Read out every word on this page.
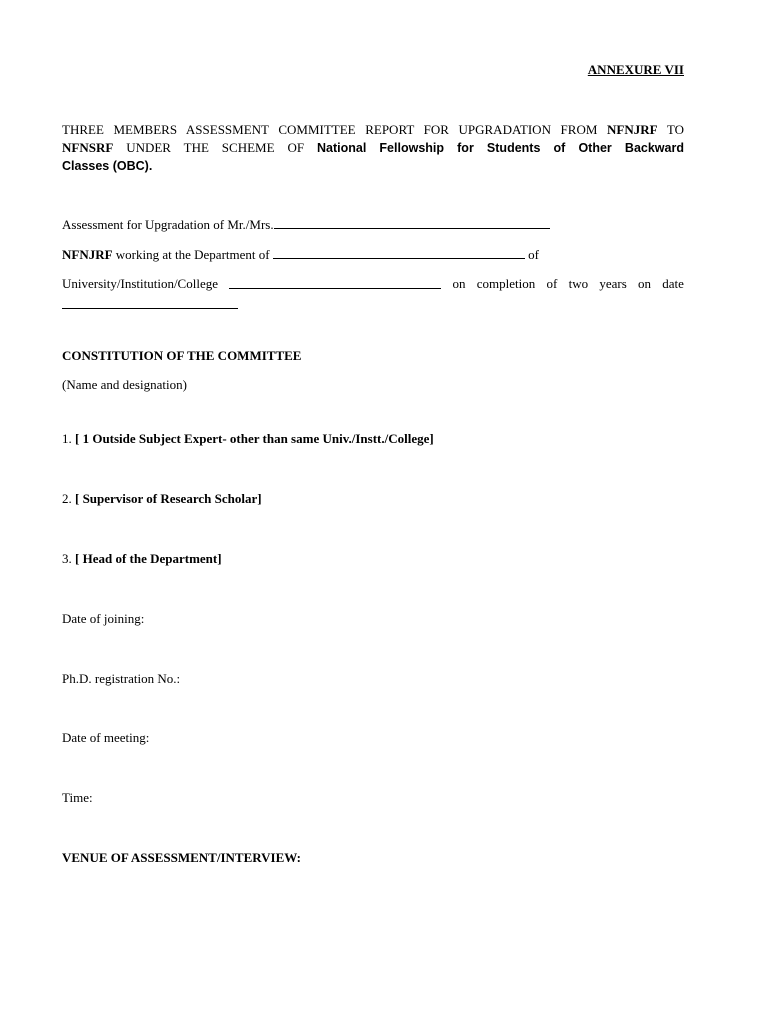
ANNEXURE VII
THREE MEMBERS ASSESSMENT COMMITTEE REPORT FOR UPGRADATION FROM NFNJRF TO
NFNSRF UNDER THE SCHEME OF National Fellowship for Students of Other Backward
Classes (OBC).
Assessment for Upgradation of Mr./Mrs.
NFNJRF working at the Department of	of
University/Institution/College	on completion of two years on date
CONSTITUTION OF THE COMMITTEE
(Name and designation)
1. [ 1 Outside Subject Expert- other than same Univ./Instt./College]
2. [ Supervisor of Research Scholar]
3. [ Head of the Department]
Date of joining:
Ph.D. registration No.:
Date of meeting:
Time:
VENUE OF ASSESSMENT/INTERVIEW:
